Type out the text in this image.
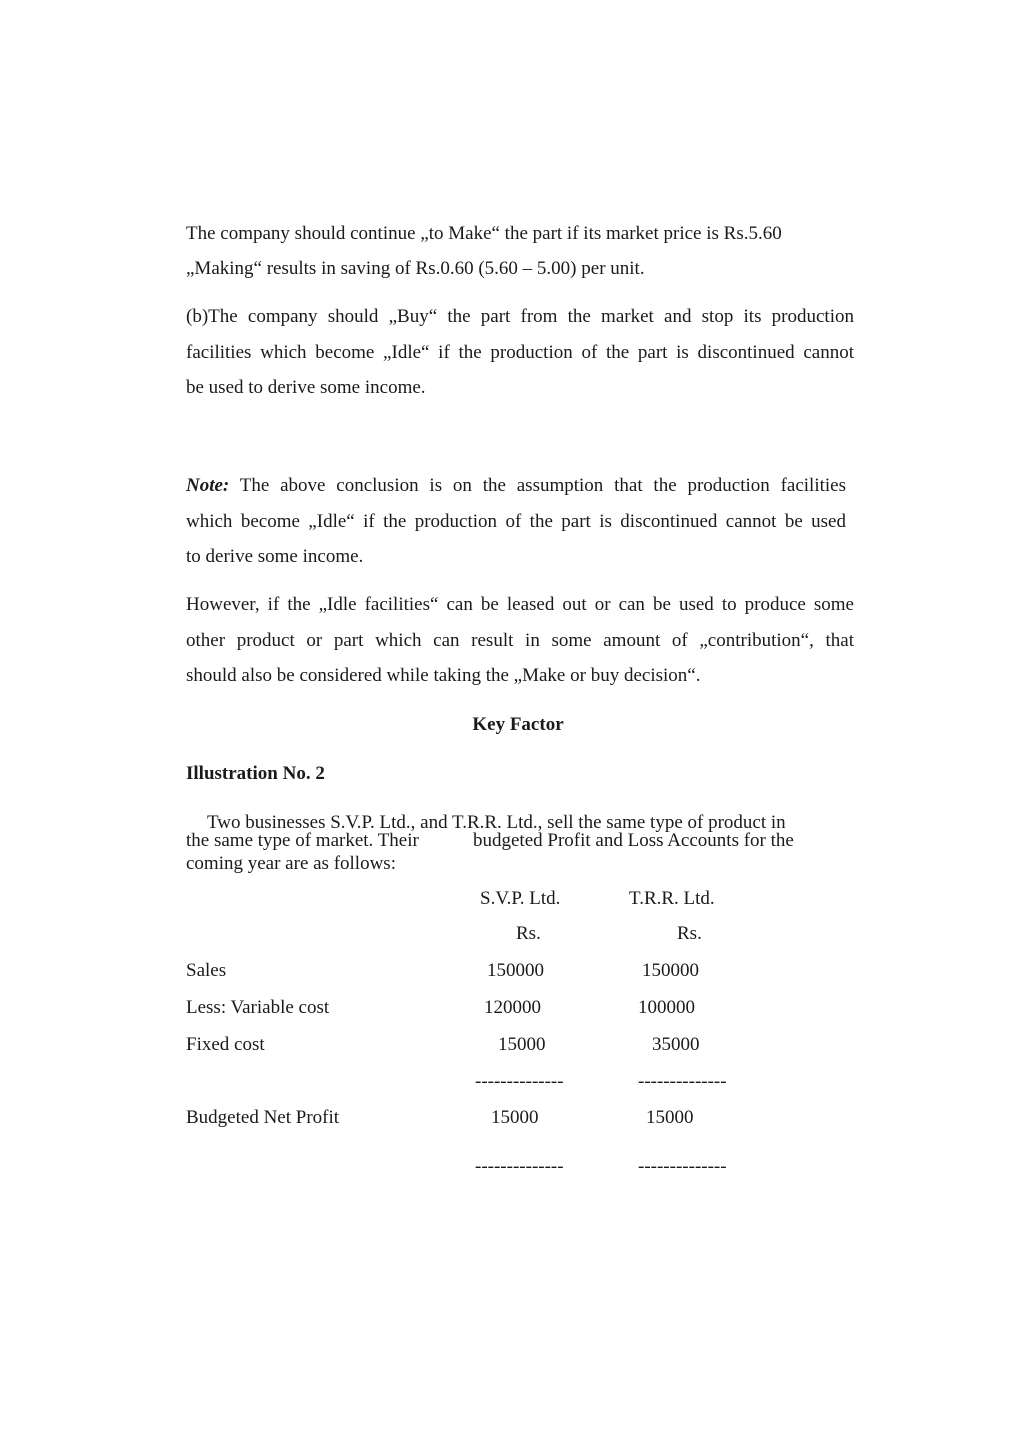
The company should continue „to Make“ the part if its market price is Rs.5.60
„Making“ results in saving of Rs.0.60 (5.60 – 5.00) per unit.
(b)The company should „Buy“ the part from the market and stop its production
facilities which become „Idle“ if the production of the part is discontinued cannot
be used to derive some income.
Note: The above conclusion is on the assumption that the production facilities
which become „Idle“ if the production of the part is discontinued cannot be used
to derive some income.
However, if the „Idle facilities“ can be leased out or can be used to produce some
other product or part which can result in some amount of „contribution“, that
should also be considered while taking the „Make or buy decision“.
Key Factor
Illustration No. 2
Two businesses S.V.P. Ltd., and T.R.R. Ltd., sell the same type of product in
the same type of market. Their	budgeted Profit and Loss Accounts for the
coming year are as follows:
S.V.P. Ltd.	T.R.R. Ltd.
Rs.	Rs.
Sales	150000	150000
Less: Variable cost	120000	100000
Fixed cost	15000	35000
--------------	--------------
Budgeted Net Profit	15000	15000
--------------	--------------
